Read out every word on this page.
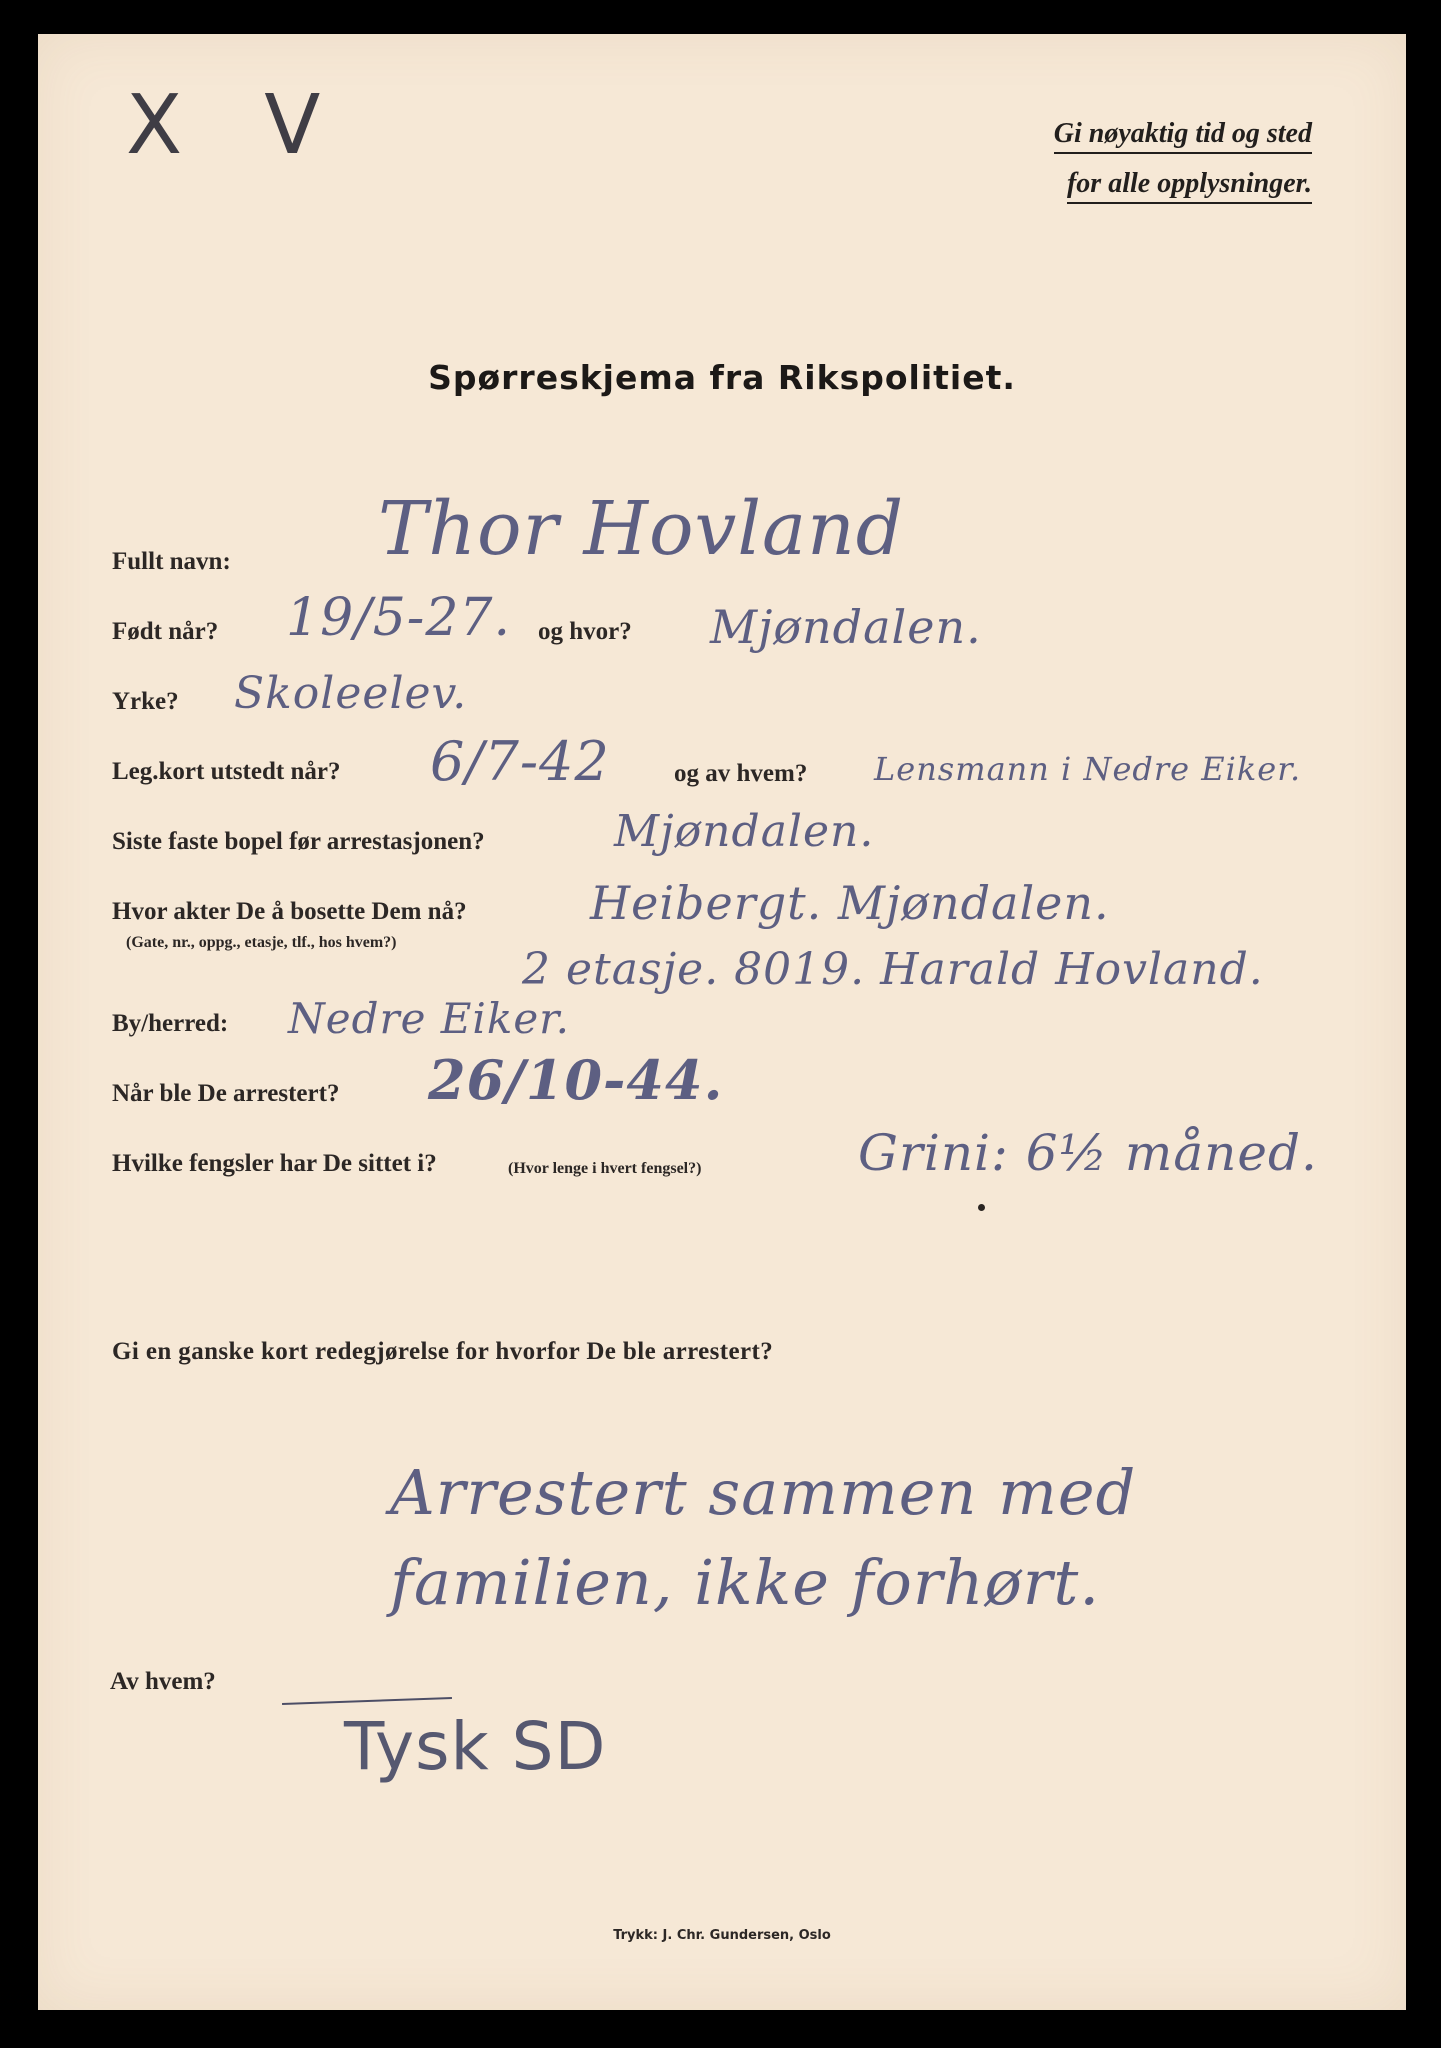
X V	Gi nøyaktig tid og sted
for alle opplysninger.
Spørreskjema fra Rikspolitiet.
Fullt navn: Thor Hovland
Født når? 19/5-27. og hvor? Mjøndalen.
Yrke? Skoleelev.
Leg.kort utstedt når? 6/7-42	og av hvem? Lensmann i Nedre Eiker.
Siste faste bopel før arrestasjonen?	Mjøndalen.
Hvor akter De å bosette Dem nå?
(Gate, nr., oppg., etasje, tlf., hos hvem?)
Heibergt. Mjøndalen.
2 etasje. 8019. Harald Hovland.
By/herred: Nedre Eiker.
Når ble De arrestert? 26/10-44.
Hvilke fengsler har De sittet i?	(Hvor lenge i hvert fengsel?)	Grini: 6½ måned.
Gi en ganske kort redegjørelse for hvorfor De ble arrestert?
Arrestert sammen med
familien, ikke forhørt.
Av hvem?
Tysk SD
Trykk: J. Chr. Gundersen, Oslo
